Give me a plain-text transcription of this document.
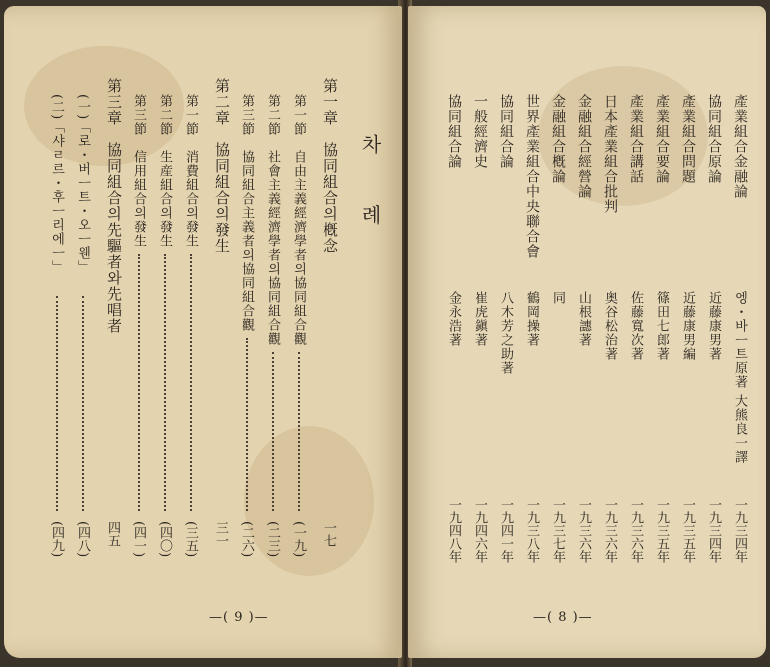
차 례
第一章　協同組合의槪念
一七
第一節　自由主義經濟學者의協同組合觀
(一九)
第二節　社會主義經濟學者의協同組合觀
(二三)
第三節　協同組合主義者의協同組合觀
(二六)
第二章　協同組合의發生
三一
第一節　消費組合의發生
(三五)
第二節　生産組合의發生
(四〇)
第三節　信用組合의發生
(四一)
第三章　協同組合의先驅者와先唱者
四五
(一)「로・버ㅡ트・오ㅡ웬」
(四八)
(二)「샤ㄹ르・후ㅡ리에ㅡ」
(四九)
—( 9 )—
產業組合金融論
엥・바ㅡ트原著 大熊良一譯
一九三四年
協同組合原論
近藤康男著
一九三四年
產業組合問題
近藤康男編
一九三五年
產業組合要論
篠田七郎著
一九三五年
產業組合講話
佐藤寬次著
一九三六年
日本產業組合批判
奥谷松治著
一九三六年
金融組合經營論
山根譓著
一九三六年
金融組合槪論
同
一九三七年
世界產業組合中央聯合會
鶴岡操著
一九三八年
協同組合論
八木芳之助著
一九四一年
一般經濟史
崔虎鎭著
一九四六年
協同組合論
金永浩著
一九四八年
—( 8 )—
